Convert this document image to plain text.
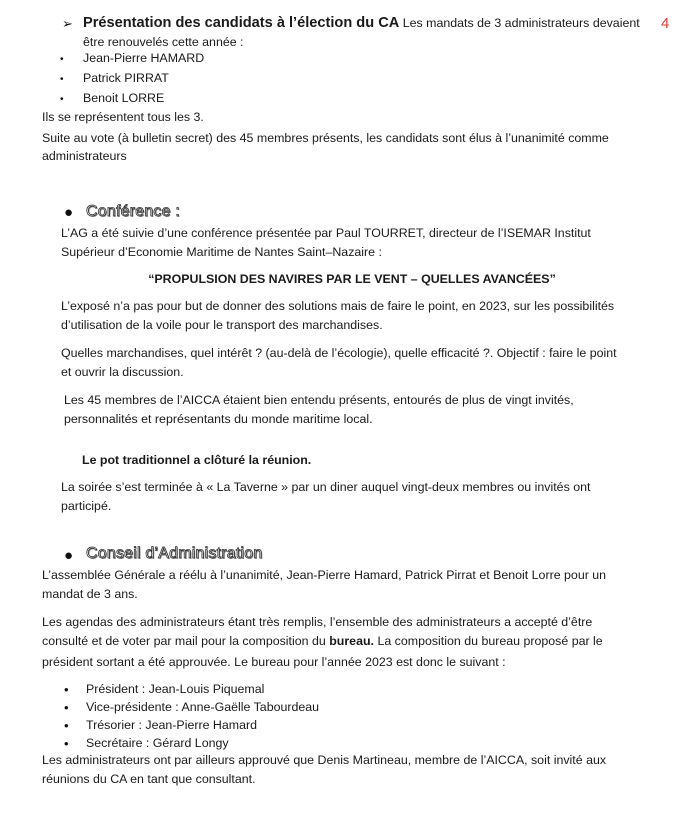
4
➢ Présentation des candidats à l’élection du CA Les mandats de 3 administrateurs devaient
être renouvelés cette année :
• Jean-Pierre HAMARD
• Patrick PIRRAT
• Benoit LORRE
Ils se représentent tous les 3.
Suite au vote (à bulletin secret) des 45 membres présents, les candidats sont élus à l’unanimité comme
administrateurs
● Conférence :
L’AG a été suivie d’une conférence présentée par Paul TOURRET, directeur de l’ISEMAR Institut
Supérieur d’Economie Maritime de Nantes Saint–Nazaire :
“PROPULSION DES NAVIRES PAR LE VENT – QUELLES AVANCÉES”
L’exposé n’a pas pour but de donner des solutions mais de faire le point, en 2023, sur les possibilités
d’utilisation de la voile pour le transport des marchandises.
Quelles marchandises, quel intérêt ? (au-delà de l’écologie), quelle efficacité ?. Objectif : faire le point
et ouvrir la discussion.
Les 45 membres de l’AICCA étaient bien entendu présents, entourés de plus de vingt invités,
personnalités et représentants du monde maritime local.
Le pot traditionnel a clôturé la réunion.
La soirée s’est terminée à « La Taverne » par un diner auquel vingt-deux membres ou invités ont
participé.
● Conseil d’Administration
L’assemblée Générale a réélu à l’unanimité, Jean-Pierre Hamard, Patrick Pirrat et Benoit Lorre pour un
mandat de 3 ans.
Les agendas des administrateurs étant très remplis, l’ensemble des administrateurs a accepté d’être
consulté et de voter par mail pour la composition du bureau. La composition du bureau proposé par le
président sortant a été approuvée. Le bureau pour l’année 2023 est donc le suivant :
• Président : Jean-Louis Piquemal
• Vice-présidente : Anne-Gaëlle Tabourdeau
• Trésorier : Jean-Pierre Hamard
• Secrétaire : Gérard Longy
Les administrateurs ont par ailleurs approuvé que Denis Martineau, membre de l’AICCA, soit invité aux
réunions du CA en tant que consultant.
